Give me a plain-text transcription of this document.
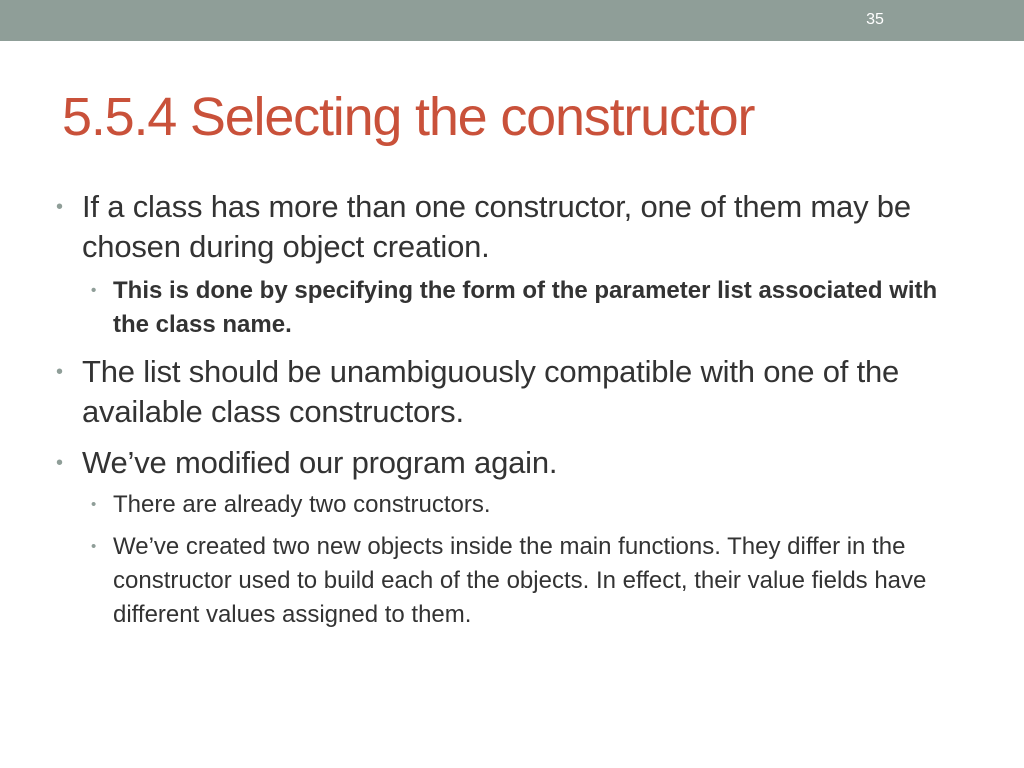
35
5.5.4 Selecting the constructor
• If a class has more than one constructor, one of them may be chosen during object creation.
• This is done by specifying the form of the parameter list associated with the class name.
• The list should be unambiguously compatible with one of the available class constructors.
• We’ve modified our program again.
• There are already two constructors.
• We’ve created two new objects inside the main functions. They differ in the constructor used to build each of the objects. In effect, their value fields have different values assigned to them.
